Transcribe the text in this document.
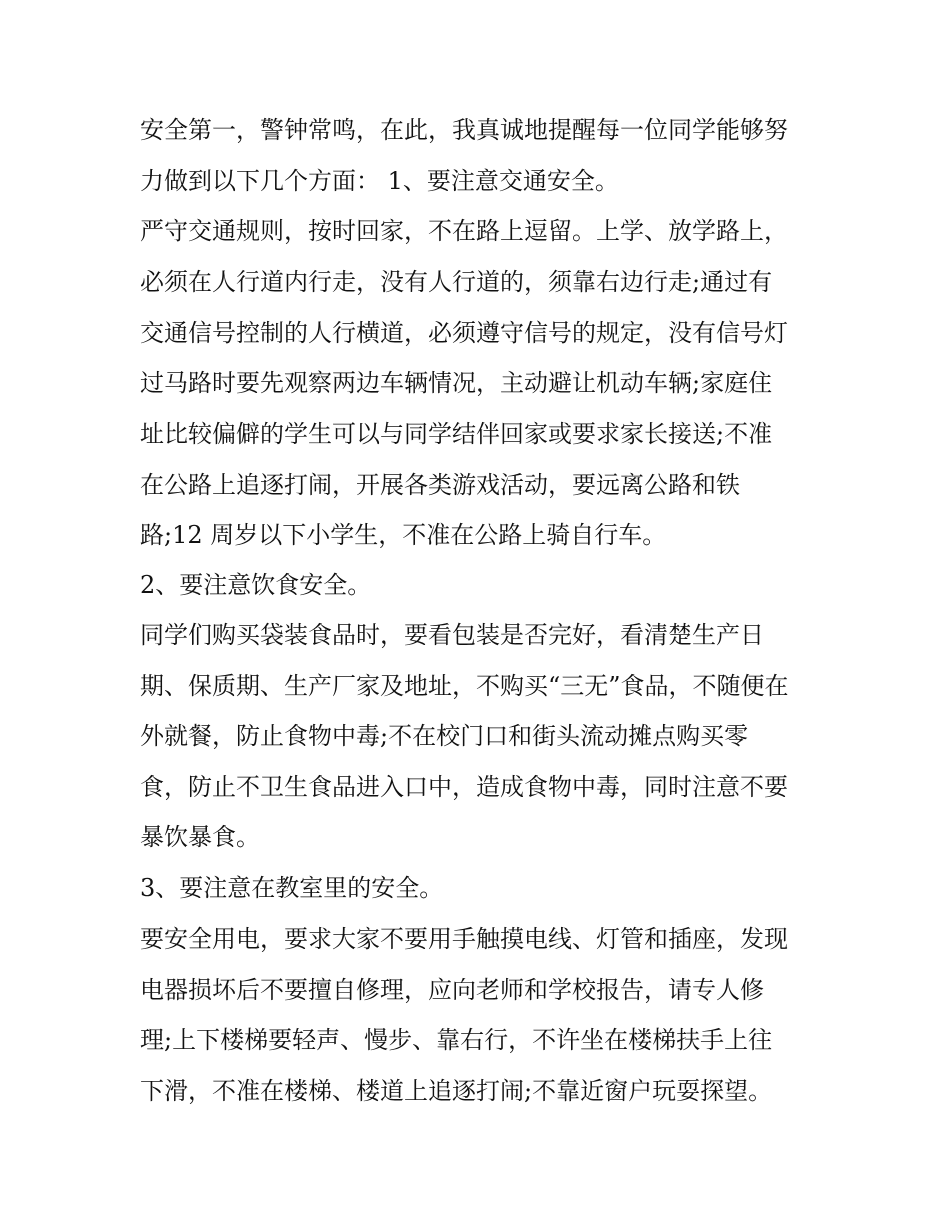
安全第一，警钟常鸣，在此，我真诚地提醒每一位同学能够努
力做到以下几个方面： 1、要注意交通安全。
严守交通规则，按时回家，不在路上逗留。上学、放学路上，
必须在人行道内行走，没有人行道的，须靠右边行走;通过有
交通信号控制的人行横道，必须遵守信号的规定，没有信号灯
过马路时要先观察两边车辆情况，主动避让机动车辆;家庭住
址比较偏僻的学生可以与同学结伴回家或要求家长接送;不准
在公路上追逐打闹，开展各类游戏活动，要远离公路和铁
路;12 周岁以下小学生，不准在公路上骑自行车。
2、要注意饮食安全。
同学们购买袋装食品时，要看包装是否完好，看清楚生产日
期、保质期、生产厂家及地址，不购买“三无”食品，不随便在
外就餐，防止食物中毒;不在校门口和街头流动摊点购买零
食，防止不卫生食品进入口中，造成食物中毒，同时注意不要
暴饮暴食。
3、要注意在教室里的安全。
要安全用电，要求大家不要用手触摸电线、灯管和插座，发现
电器损坏后不要擅自修理，应向老师和学校报告，请专人修
理;上下楼梯要轻声、慢步、靠右行，不许坐在楼梯扶手上往
下滑，不准在楼梯、楼道上追逐打闹;不靠近窗户玩耍探望。
